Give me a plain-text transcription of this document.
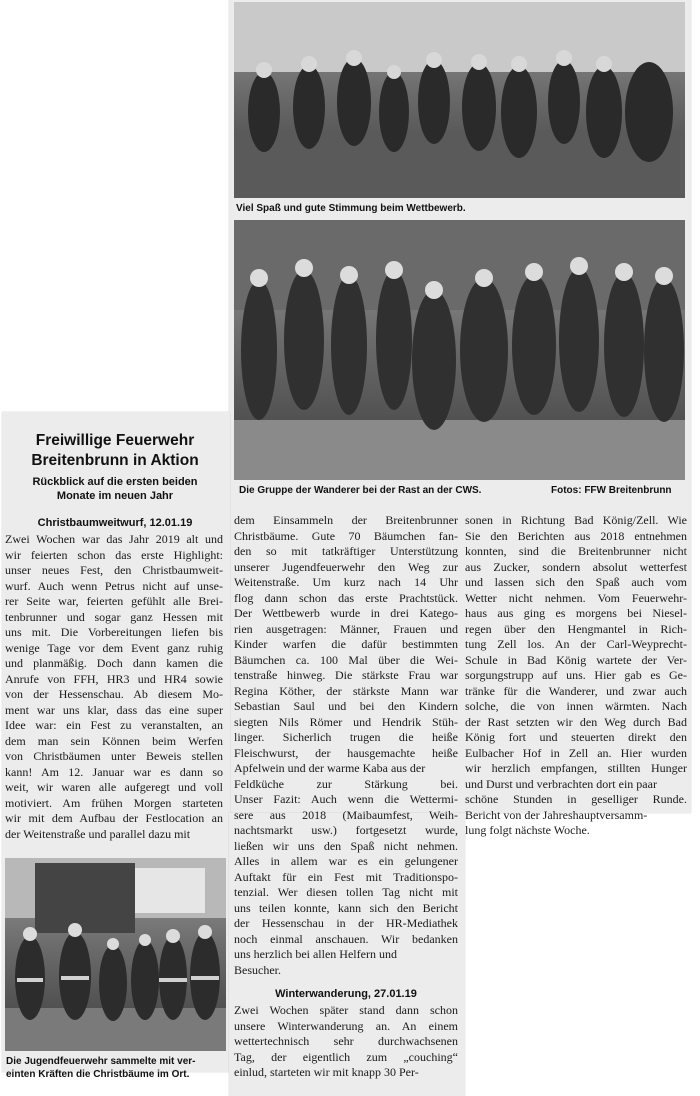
Viel Spaß und gute Stimmung beim Wettbewerb.
Die Gruppe der Wanderer bei der Rast an der CWS.	Fotos: FFW Breitenbrunn
Freiwillige Feuerwehr
Breitenbrunn in Aktion
Rückblick auf die ersten beiden
Monate im neuen Jahr
Christbaumweitwurf, 12.01.19
Zwei Wochen war das Jahr 2019 alt und
wir feierten schon das erste Highlight:
unser neues Fest, den Christbaumweit-
wurf. Auch wenn Petrus nicht auf unse-
rer Seite war, feierten gefühlt alle Brei-
tenbrunner und sogar ganz Hessen mit
uns mit. Die Vorbereitungen liefen bis
wenige Tage vor dem Event ganz ruhig
und planmäßig. Doch dann kamen die
Anrufe von FFH, HR3 und HR4 sowie
von der Hessenschau. Ab diesem Mo-
ment war uns klar, dass das eine super
Idee war: ein Fest zu veranstalten, an
dem man sein Können beim Werfen
von Christbäumen unter Beweis stellen
kann! Am 12. Januar war es dann so
weit, wir waren alle aufgeregt und voll
motiviert. Am frühen Morgen starteten
wir mit dem Aufbau der Festlocation an
der Weitenstraße und parallel dazu mit
dem Einsammeln der Breitenbrunner
Christbäume. Gute 70 Bäumchen fan-
den so mit tatkräftiger Unterstützung
unserer Jugendfeuerwehr den Weg zur
Weitenstraße. Um kurz nach 14 Uhr
flog dann schon das erste Prachtstück.
Der Wettbewerb wurde in drei Katego-
rien ausgetragen: Männer, Frauen und
Kinder warfen die dafür bestimmten
Bäumchen ca. 100 Mal über die Wei-
tenstraße hinweg. Die stärkste Frau war
Regina Köther, der stärkste Mann war
Sebastian Saul und bei den Kindern
siegten Nils Römer und Hendrik Stüh-
linger. Sicherlich trugen die heiße
Fleischwurst, der hausgemachte heiße
Apfelwein und der warme Kaba aus der
Feldküche zur Stärkung bei.
Unser Fazit: Auch wenn die Wettermi-
sere aus 2018 (Maibaumfest, Weih-
nachtsmarkt usw.) fortgesetzt wurde,
ließen wir uns den Spaß nicht nehmen.
Alles in allem war es ein gelungener
Auftakt für ein Fest mit Traditionspo-
tenzial. Wer diesen tollen Tag nicht mit
uns teilen konnte, kann sich den Bericht
der Hessenschau in der HR-Mediathek
noch einmal anschauen. Wir bedanken
uns herzlich bei allen Helfern und
Besucher.
Winterwanderung, 27.01.19
Zwei Wochen später stand dann schon
unsere Winterwanderung an. An einem
wettertechnisch sehr durchwachsenen
Tag, der eigentlich zum „couching“
einlud, starteten wir mit knapp 30 Per-
sonen in Richtung Bad König/Zell. Wie
Sie den Berichten aus 2018 entnehmen
konnten, sind die Breitenbrunner nicht
aus Zucker, sondern absolut wetterfest
und lassen sich den Spaß auch vom
Wetter nicht nehmen. Vom Feuerwehr-
haus aus ging es morgens bei Niesel-
regen über den Hengmantel in Rich-
tung Zell los. An der Carl-Weyprecht-
Schule in Bad König wartete der Ver-
sorgungstrupp auf uns. Hier gab es Ge-
tränke für die Wanderer, und zwar auch
solche, die von innen wärmten. Nach
der Rast setzten wir den Weg durch Bad
König fort und steuerten direkt den
Eulbacher Hof in Zell an. Hier wurden
wir herzlich empfangen, stillten Hunger
und Durst und verbrachten dort ein paar
schöne Stunden in geselliger Runde.
Bericht von der Jahreshauptversamm-
lung folgt nächste Woche.
Die Jugendfeuerwehr sammelte mit ver-
einten Kräften die Christbäume im Ort.
